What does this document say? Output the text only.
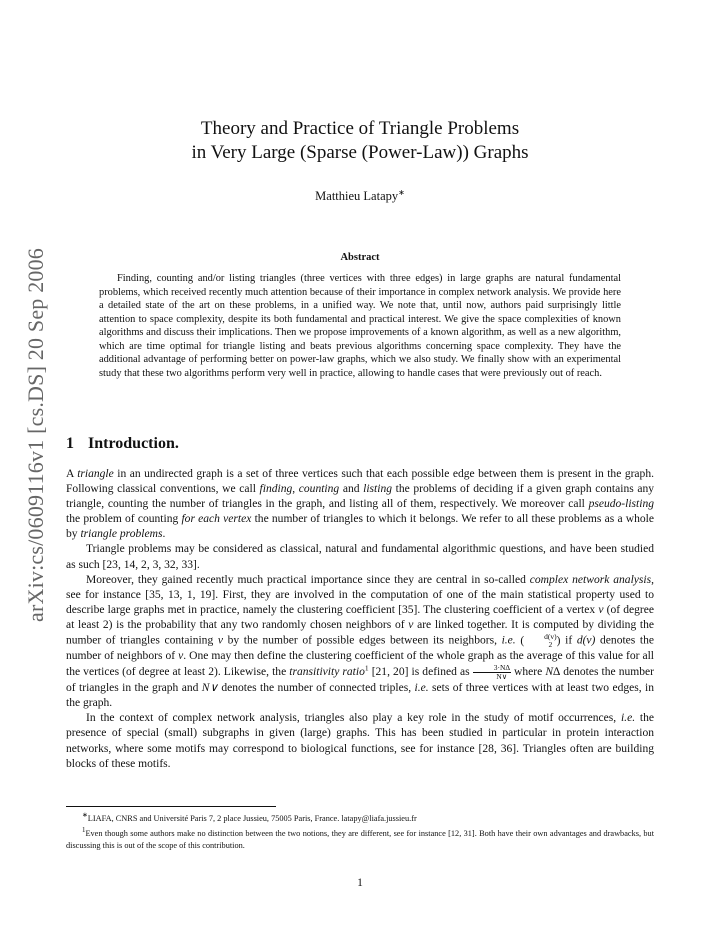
arXiv:cs/0609116v1 [cs.DS] 20 Sep 2006
Theory and Practice of Triangle Problems
in Very Large (Sparse (Power-Law)) Graphs
Matthieu Latapy∗
Abstract

Finding, counting and/or listing triangles (three vertices with three edges) in large graphs are natural fundamental problems, which received recently much attention because of their importance in complex network analysis. We provide here a detailed state of the art on these problems, in a unified way. We note that, until now, authors paid surprisingly little attention to space complexity, despite its both fundamental and practical interest. We give the space complexities of known algorithms and discuss their implications. Then we propose improvements of a known algorithm, as well as a new algorithm, which are time optimal for triangle listing and beats previous algorithms concerning space complexity. They have the additional advantage of performing better on power-law graphs, which we also study. We finally show with an experimental study that these two algorithms perform very well in practice, allowing to handle cases that were previously out of reach.

1 Introduction.

A triangle in an undirected graph is a set of three vertices such that each possible edge between them is present in the graph. Following classical conventions, we call finding, counting and listing the problems of deciding if a given graph contains any triangle, counting the number of triangles in the graph, and listing all of them, respectively. We moreover call pseudo-listing the problem of counting for each vertex the number of triangles to which it belongs. We refer to all these problems as a whole by triangle problems.

Triangle problems may be considered as classical, natural and fundamental algorithmic questions, and have been studied as such [23, 14, 2, 3, 32, 33].

Moreover, they gained recently much practical importance since they are central in so-called complex network analysis, see for instance [35, 13, 1, 19]. First, they are involved in the computation of one of the main statistical property used to describe large graphs met in practice, namely the clustering coefficient [35]. The clustering coefficient of a vertex v (of degree at least 2) is the probability that any two randomly chosen neighbors of v are linked together. It is computed by dividing the number of triangles containing v by the number of possible edges between its neighbors, i.e. (	d(v)
2 ) if d(v) denotes the number of neighbors of v. One may then define the clustering coefficient of the whole graph as the average of this value for all the vertices (of degree at least 2). Likewise, the transitivity ratio$^1$ [21, 20] is defined as $\frac{3\cdot N\Delta}{N\vee}$ where N∆ denotes the number of triangles in the graph and N∨ denotes the number of connected triples, i.e. sets of three vertices with at least two edges, in the graph.

In the context of complex network analysis, triangles also play a key role in the study of motif occurrences, i.e. the presence of special (small) subgraphs in given (large) graphs. This has been studied in particular in protein interaction networks, where some motifs may correspond to biological functions, see for instance [28, 36]. Triangles often are building blocks of these motifs.

∗LIAFA, CNRS and Université Paris 7, 2 place Jussieu, 75005 Paris, France. latapy@liafa.jussieu.fr

$^1$Even though some authors make no distinction between the two notions, they are different, see for instance [12, 31]. Both have their own advantages and drawbacks, but discussing this is out of the scope of this contribution.

1
